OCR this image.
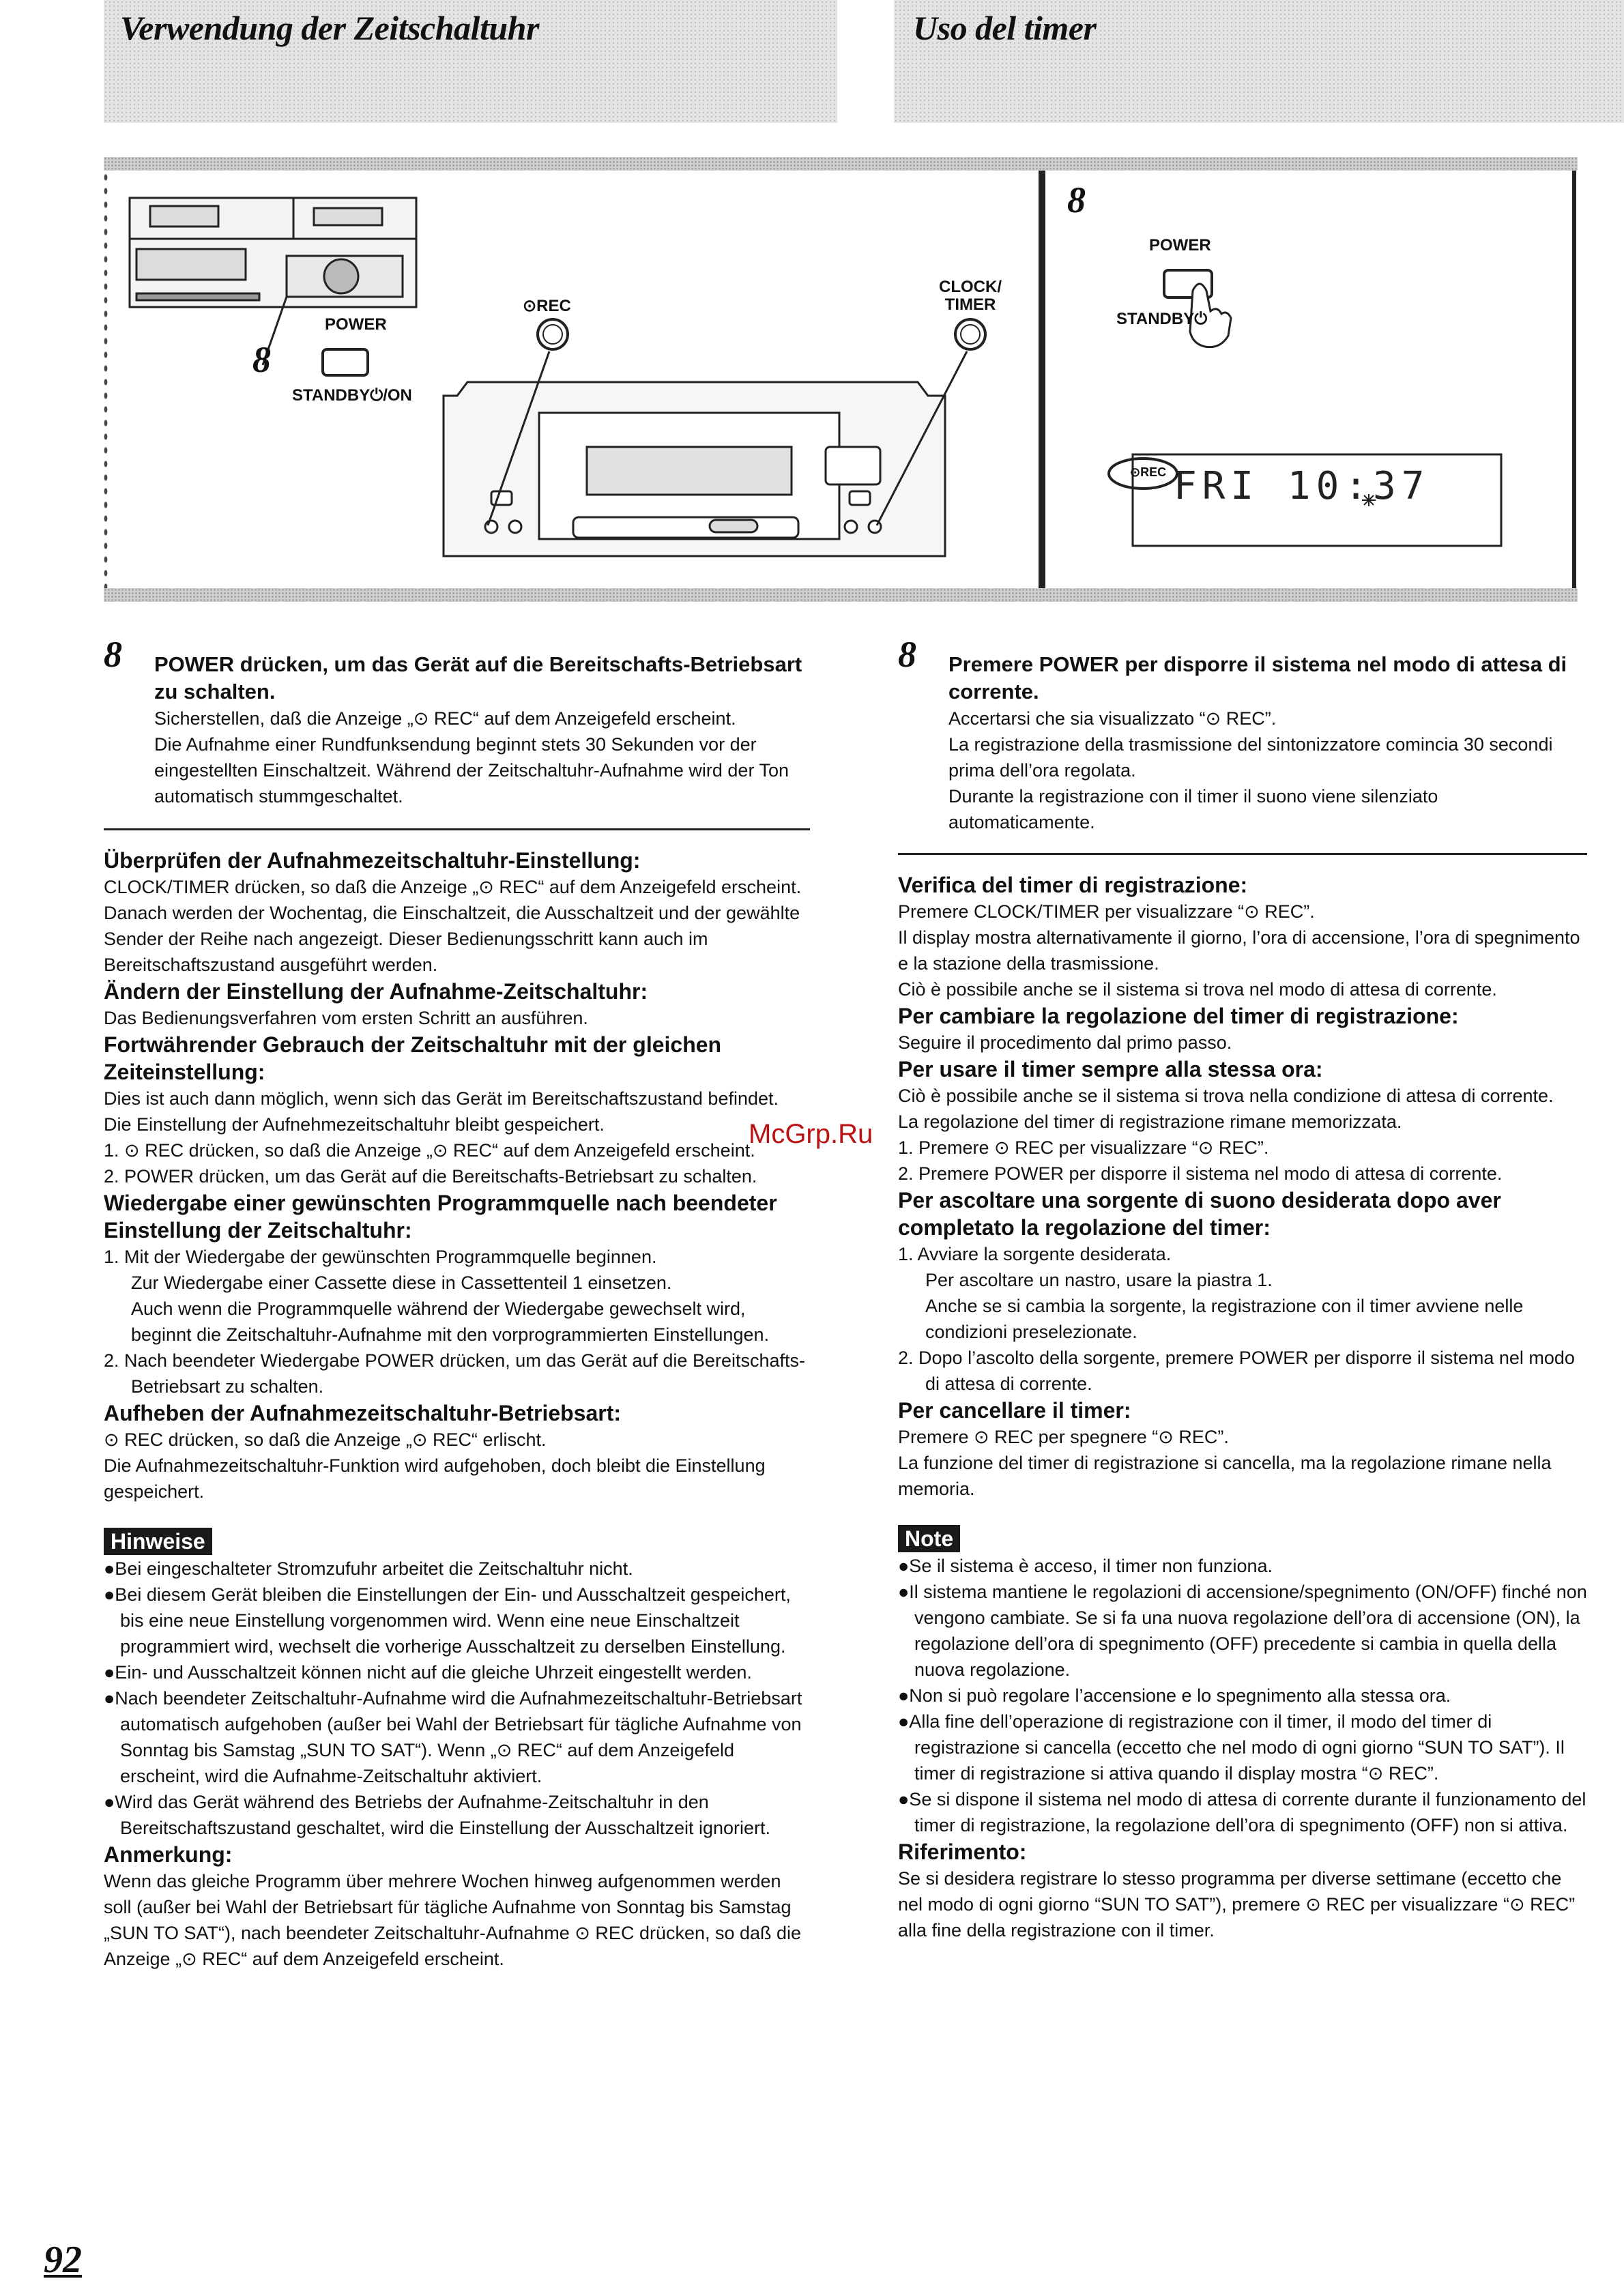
Verwendung der Zeitschaltuhr	Uso del timer
8
POWER
STANDBY⏻/ON
⊙REC
CLOCK/
TIMER
8
POWER
STANDBY⏻
⊙REC FRI 10:37
8	POWER drücken, um das Gerät auf die Bereitschafts-Betriebsart zu schalten.

Sicherstellen, daß die Anzeige „⊙ REC“ auf dem Anzeigefeld erscheint.

Die Aufnahme einer Rundfunksendung beginnt stets 30 Sekunden vor der eingestellten Einschaltzeit. Während der Zeitschaltuhr-Aufnahme wird der Ton automatisch stummgeschaltet.

Überprüfen der Aufnahmezeitschaltuhr-Einstellung:

CLOCK/TIMER drücken, so daß die Anzeige „⊙ REC“ auf dem Anzeigefeld erscheint. Danach werden der Wochentag, die Einschaltzeit, die Ausschaltzeit und der gewählte Sender der Reihe nach angezeigt. Dieser Bedienungsschritt kann auch im Bereitschaftszustand ausgeführt werden.

Ändern der Einstellung der Aufnahme-Zeitschaltuhr:

Das Bedienungsverfahren vom ersten Schritt an ausführen.

Fortwährender Gebrauch der Zeitschaltuhr mit der gleichen Zeiteinstellung:

Dies ist auch dann möglich, wenn sich das Gerät im Bereitschaftszustand befindet.

Die Einstellung der Aufnehmezeitschaltuhr bleibt gespeichert.

1. ⊙ REC drücken, so daß die Anzeige „⊙ REC“ auf dem Anzeigefeld erscheint.

2. POWER drücken, um das Gerät auf die Bereitschafts-Betriebsart zu schalten.

Wiedergabe einer gewünschten Programmquelle nach beendeter Einstellung der Zeitschaltuhr:

1. Mit der Wiedergabe der gewünschten Programmquelle beginnen.

Zur Wiedergabe einer Cassette diese in Cassettenteil 1 einsetzen.

Auch wenn die Programmquelle während der Wiedergabe gewechselt wird, beginnt die Zeitschaltuhr-Aufnahme mit den vorprogrammierten Einstellungen.

2. Nach beendeter Wiedergabe POWER drücken, um das Gerät auf die Bereitschafts-Betriebsart zu schalten.

Aufheben der Aufnahmezeitschaltuhr-Betriebsart:

⊙ REC drücken, so daß die Anzeige „⊙ REC“ erlischt.

Die Aufnahmezeitschaltuhr-Funktion wird aufgehoben, doch bleibt die Einstellung gespeichert.

Hinweise

●Bei eingeschalteter Stromzufuhr arbeitet die Zeitschaltuhr nicht.

●Bei diesem Gerät bleiben die Einstellungen der Ein- und Ausschaltzeit gespeichert, bis eine neue Einstellung vorgenommen wird. Wenn eine neue Einschaltzeit programmiert wird, wechselt die vorherige Ausschaltzeit zu derselben Einstellung.

●Ein- und Ausschaltzeit können nicht auf die gleiche Uhrzeit eingestellt werden.

●Nach beendeter Zeitschaltuhr-Aufnahme wird die Aufnahmezeitschaltuhr-Betriebsart automatisch aufgehoben (außer bei Wahl der Betriebsart für tägliche Aufnahme von Sonntag bis Samstag „SUN TO SAT“). Wenn „⊙ REC“ auf dem Anzeigefeld erscheint, wird die Aufnahme-Zeitschaltuhr aktiviert.

●Wird das Gerät während des Betriebs der Aufnahme-Zeitschaltuhr in den Bereitschaftszustand geschaltet, wird die Einstellung der Ausschaltzeit ignoriert.

Anmerkung:

Wenn das gleiche Programm über mehrere Wochen hinweg aufgenommen werden soll (außer bei Wahl der Betriebsart für tägliche Aufnahme von Sonntag bis Samstag „SUN TO SAT“), nach beendeter Zeitschaltuhr-Aufnahme ⊙ REC drücken, so daß die Anzeige „⊙ REC“ auf dem Anzeigefeld erscheint.

8	Premere POWER per disporre il sistema nel modo di attesa di corrente.

Accertarsi che sia visualizzato “⊙ REC”.

La registrazione della trasmissione del sintonizzatore comincia 30 secondi prima dell’ora regolata.

Durante la registrazione con il timer il suono viene silenziato automaticamente.

Verifica del timer di registrazione:

Premere CLOCK/TIMER per visualizzare “⊙ REC”.

Il display mostra alternativamente il giorno, l’ora di accensione, l’ora di spegnimento e la stazione della trasmissione.

Ciò è possibile anche se il sistema si trova nel modo di attesa di corrente.

Per cambiare la regolazione del timer di registrazione:

Seguire il procedimento dal primo passo.

Per usare il timer sempre alla stessa ora:

Ciò è possibile anche se il sistema si trova nella condizione di attesa di corrente.

La regolazione del timer di registrazione rimane memorizzata.

1. Premere ⊙ REC per visualizzare “⊙ REC”.

2. Premere POWER per disporre il sistema nel modo di attesa di corrente.

Per ascoltare una sorgente di suono desiderata dopo aver completato la regolazione del timer:

1. Avviare la sorgente desiderata.

Per ascoltare un nastro, usare la piastra 1.

Anche se si cambia la sorgente, la registrazione con il timer avviene nelle condizioni preselezionate.

2. Dopo l’ascolto della sorgente, premere POWER per disporre il sistema nel modo di attesa di corrente.

Per cancellare il timer:

Premere ⊙ REC per spegnere “⊙ REC”.

La funzione del timer di registrazione si cancella, ma la regolazione rimane nella memoria.

Note

●Se il sistema è acceso, il timer non funziona.

●Il sistema mantiene le regolazioni di accensione/spegnimento (ON/OFF) finché non vengono cambiate. Se si fa una nuova regolazione dell’ora di accensione (ON), la regolazione dell’ora di spegnimento (OFF) precedente si cambia in quella della nuova regolazione.

●Non si può regolare l’accensione e lo spegnimento alla stessa ora.

●Alla fine dell’operazione di registrazione con il timer, il modo del timer di registrazione si cancella (eccetto che nel modo di ogni giorno “SUN TO SAT”). Il timer di registrazione si attiva quando il display mostra “⊙ REC”.

●Se si dispone il sistema nel modo di attesa di corrente durante il funzionamento del timer di registrazione, la regolazione dell’ora di spegnimento (OFF) non si attiva.

Riferimento:

Se si desidera registrare lo stesso programma per diverse settimane (eccetto che nel modo di ogni giorno “SUN TO SAT”), premere ⊙ REC per visualizzare “⊙ REC” alla fine della registrazione con il timer.

McGrp.Ru
92
